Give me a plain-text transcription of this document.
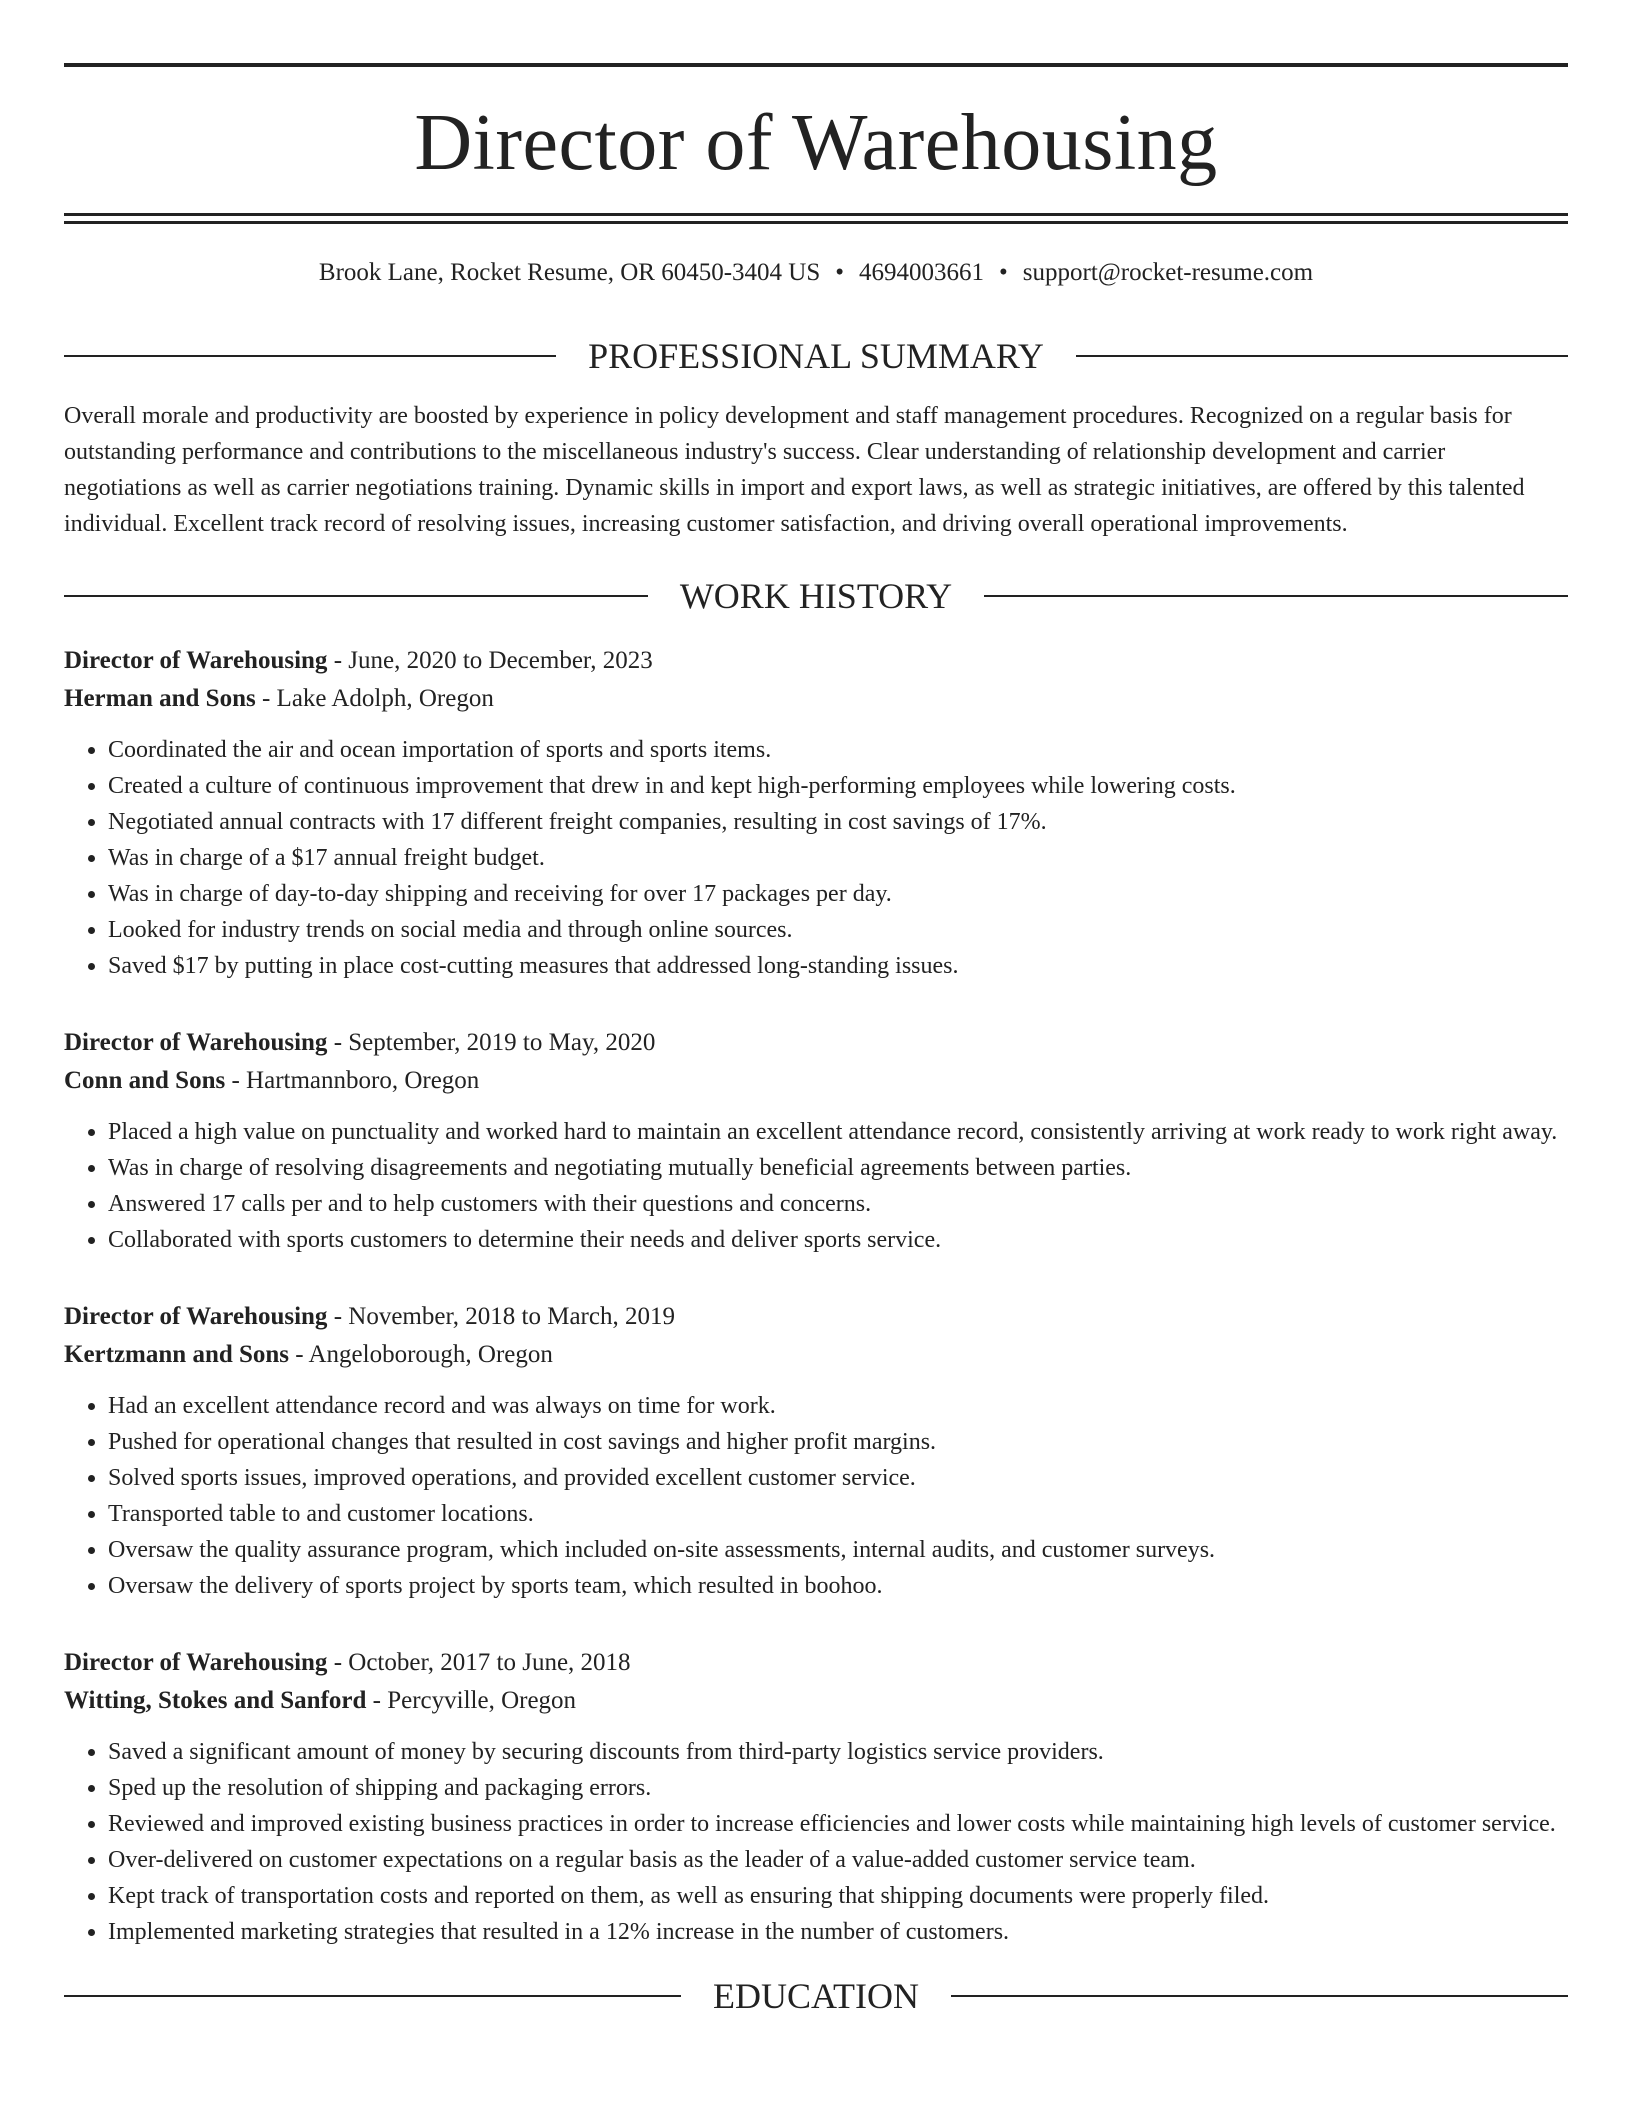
Director of Warehousing
Brook Lane, Rocket Resume, OR 60450-3404 US • 4694003661 • support@rocket-resume.com
PROFESSIONAL SUMMARY

Overall morale and productivity are boosted by experience in policy development and staff management procedures. Recognized on a regular basis for outstanding performance and contributions to the miscellaneous industry's success. Clear understanding of relationship development and carrier negotiations as well as carrier negotiations training. Dynamic skills in import and export laws, as well as strategic initiatives, are offered by this talented individual. Excellent track record of resolving issues, increasing customer satisfaction, and driving overall operational improvements.

WORK HISTORY
Director of Warehousing - June, 2020 to December, 2023
Herman and Sons - Lake Adolph, Oregon
• Coordinated the air and ocean importation of sports and sports items.
• Created a culture of continuous improvement that drew in and kept high-performing employees while lowering costs.
• Negotiated annual contracts with 17 different freight companies, resulting in cost savings of 17%.
• Was in charge of a $17 annual freight budget.
• Was in charge of day-to-day shipping and receiving for over 17 packages per day.
• Looked for industry trends on social media and through online sources.
• Saved $17 by putting in place cost-cutting measures that addressed long-standing issues.
Director of Warehousing - September, 2019 to May, 2020
Conn and Sons - Hartmannboro, Oregon
• Placed a high value on punctuality and worked hard to maintain an excellent attendance record, consistently arriving at work ready to work right away.
• Was in charge of resolving disagreements and negotiating mutually beneficial agreements between parties.
• Answered 17 calls per and to help customers with their questions and concerns.
• Collaborated with sports customers to determine their needs and deliver sports service.
Director of Warehousing - November, 2018 to March, 2019
Kertzmann and Sons - Angeloborough, Oregon
• Had an excellent attendance record and was always on time for work.
• Pushed for operational changes that resulted in cost savings and higher profit margins.
• Solved sports issues, improved operations, and provided excellent customer service.
• Transported table to and customer locations.
• Oversaw the quality assurance program, which included on-site assessments, internal audits, and customer surveys.
• Oversaw the delivery of sports project by sports team, which resulted in boohoo.
Director of Warehousing - October, 2017 to June, 2018
Witting, Stokes and Sanford - Percyville, Oregon
• Saved a significant amount of money by securing discounts from third-party logistics service providers.
• Sped up the resolution of shipping and packaging errors.
• Reviewed and improved existing business practices in order to increase efficiencies and lower costs while maintaining high levels of customer service.
• Over-delivered on customer expectations on a regular basis as the leader of a value-added customer service team.
• Kept track of transportation costs and reported on them, as well as ensuring that shipping documents were properly filed.
• Implemented marketing strategies that resulted in a 12% increase in the number of customers.
EDUCATION
